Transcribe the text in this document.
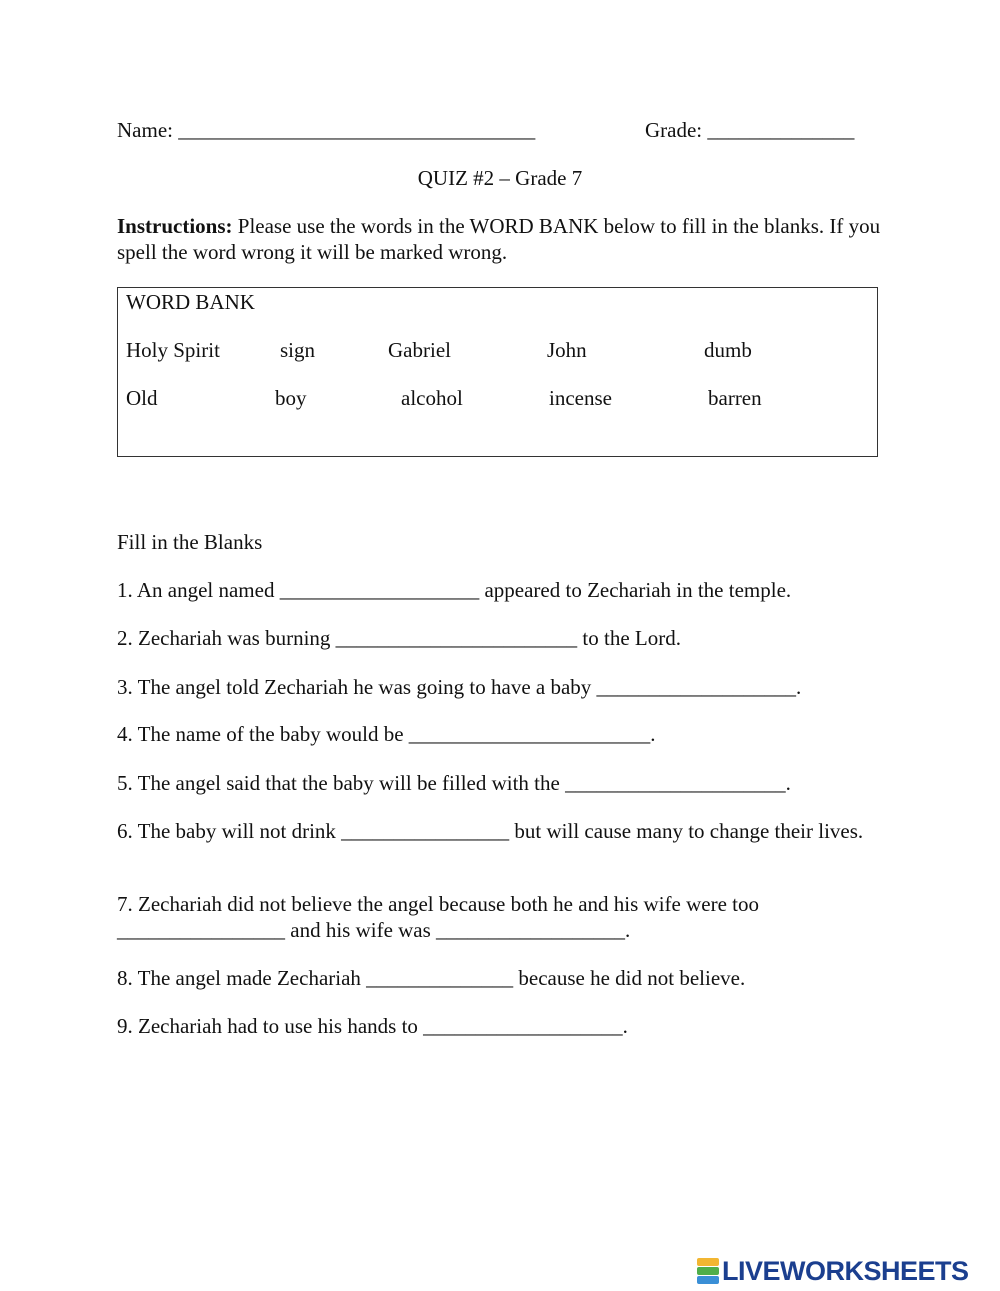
Name: __________________________________	Grade: ______________
QUIZ #2 – Grade 7
Instructions: Please use the words in the WORD BANK below to fill in the blanks. If you spell the word wrong it will be marked wrong.
WORD BANK
Holy Spirit	sign	Gabriel	John	dumb
Old	boy	alcohol	incense	barren
Fill in the Blanks
1. An angel named ___________________ appeared to Zechariah in the temple.
2. Zechariah was burning _______________________ to the Lord.
3. The angel told Zechariah he was going to have a baby ___________________.
4. The name of the baby would be _______________________.
5. The angel said that the baby will be filled with the _____________________.
6. The baby will not drink ________________ but will cause many to change their lives.
7. Zechariah did not believe the angel because both he and his wife were too ________________ and his wife was __________________.
8. The angel made Zechariah ______________ because he did not believe.
9. Zechariah had to use his hands to ___________________.
LIVEWORKSHEETS
